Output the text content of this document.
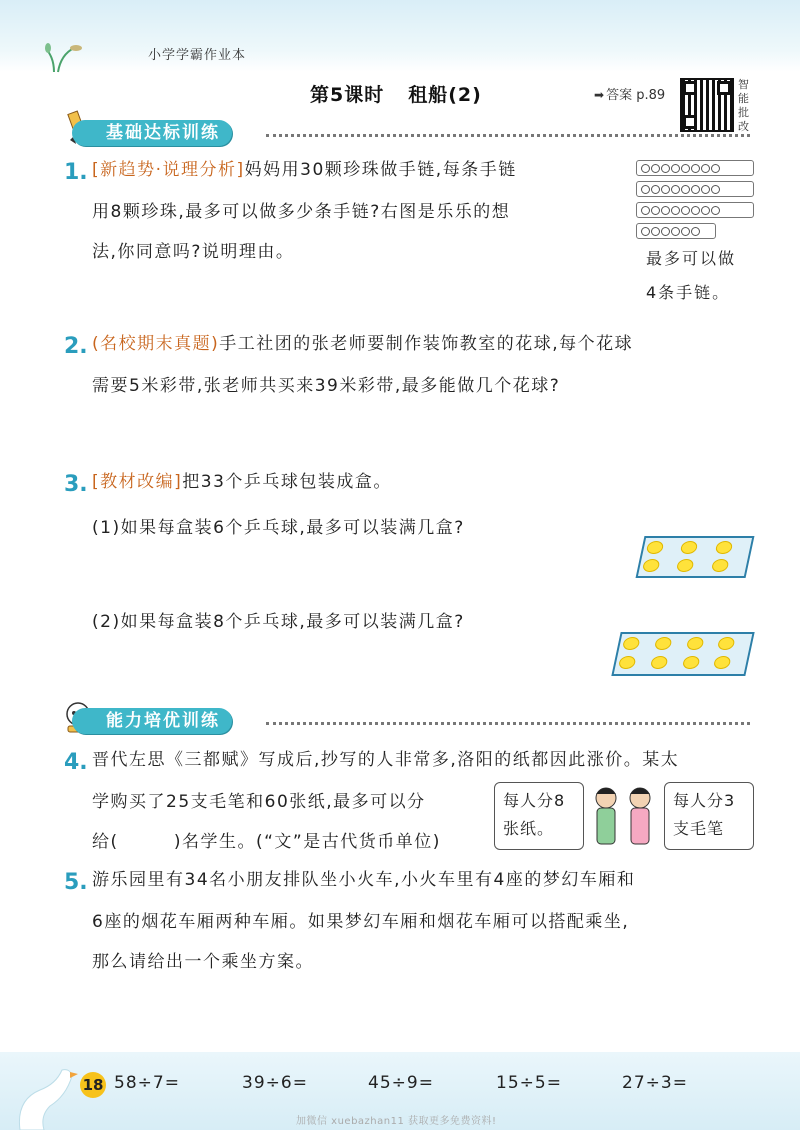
小学学霸作业本
第5课时 租船(2)	➡ 答案 p.89
智
能
批
改
基础达标训练
1. [新趋势·说理分析]妈妈用30颗珍珠做手链,每条手链
用8颗珍珠,最多可以做多少条手链?右图是乐乐的想
法,你同意吗?说明理由。	最多可以做
4条手链。
2. (名校期末真题)手工社团的张老师要制作装饰教室的花球,每个花球
需要5米彩带,张老师共买来39米彩带,最多能做几个花球?
3. [教材改编]把33个乒乓球包装成盒。
(1)如果每盒装6个乒乓球,最多可以装满几盒?
(2)如果每盒装8个乒乓球,最多可以装满几盒?
能力培优训练
4. 晋代左思《三都赋》写成后,抄写的人非常多,洛阳的纸都因此涨价。某太
学购买了25支毛笔和60张纸,最多可以分
给(        )名学生。(“文”是古代货币单位)
每人分8
张纸。
每人分3
支毛笔
5. 游乐园里有34名小朋友排队坐小火车,小火车里有4座的梦幻车厢和
6座的烟花车厢两种车厢。如果梦幻车厢和烟花车厢可以搭配乘坐,
那么请给出一个乘坐方案。
18 58÷7=	39÷6=	45÷9=	15÷5=	27÷3=
加微信 xuebazhan11 获取更多免费资料!
